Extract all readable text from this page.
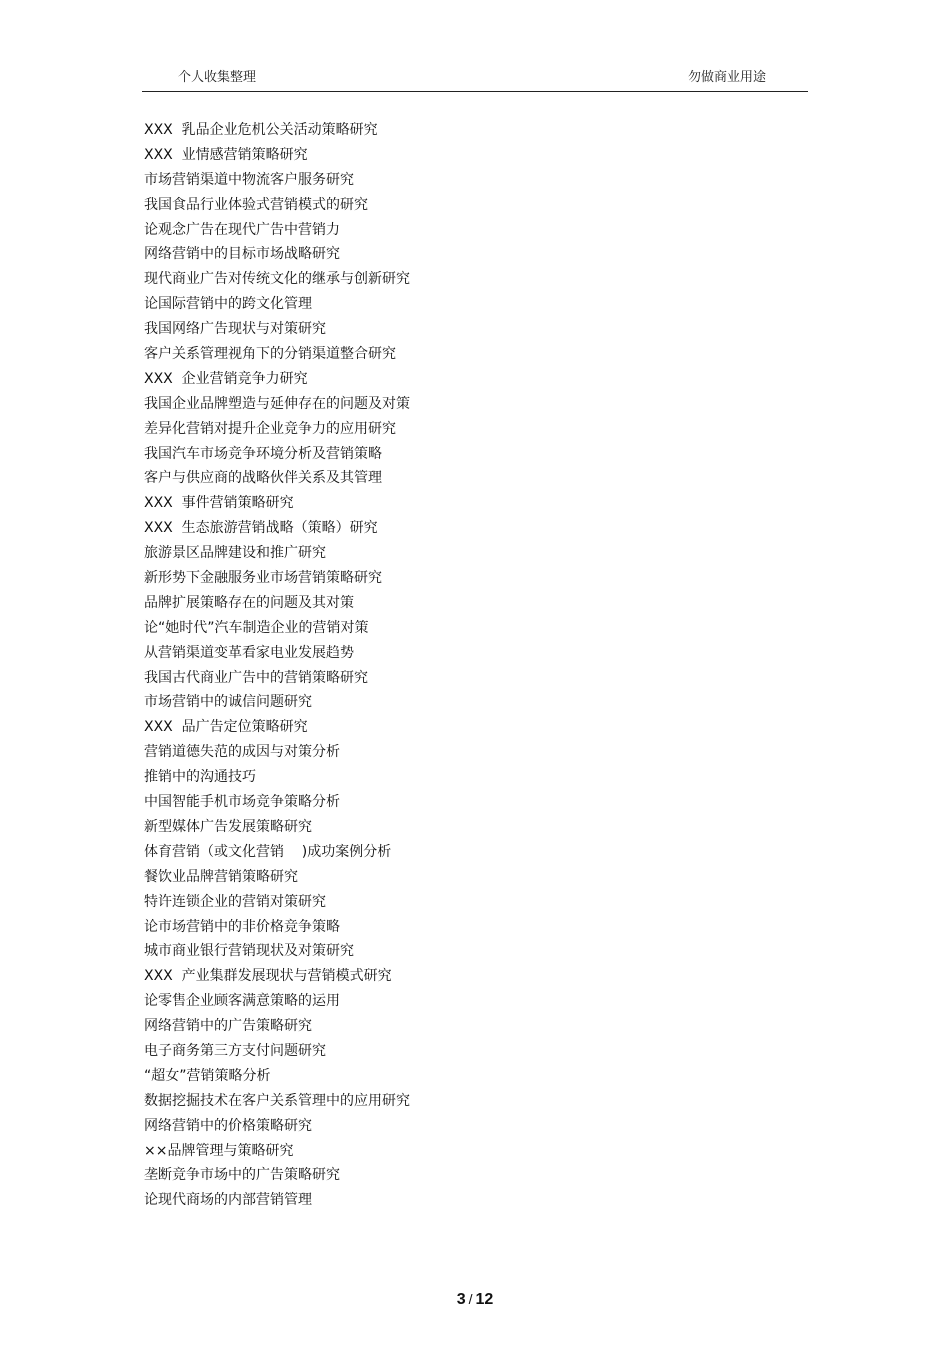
个人收集整理	勿做商业用途
XXX  乳品企业危机公关活动策略研究
XXX  业情感营销策略研究
市场营销渠道中物流客户服务研究
我国食品行业体验式营销模式的研究
论观念广告在现代广告中营销力
网络营销中的目标市场战略研究
现代商业广告对传统文化的继承与创新研究
论国际营销中的跨文化管理
我国网络广告现状与对策研究
客户关系管理视角下的分销渠道整合研究
XXX  企业营销竞争力研究
我国企业品牌塑造与延伸存在的问题及对策
差异化营销对提升企业竞争力的应用研究
我国汽车市场竞争环境分析及营销策略
客户与供应商的战略伙伴关系及其管理
XXX  事件营销策略研究
XXX  生态旅游营销战略（策略）研究
旅游景区品牌建设和推广研究
新形势下金融服务业市场营销策略研究
品牌扩展策略存在的问题及其对策
论“她时代”汽车制造企业的营销对策
从营销渠道变革看家电业发展趋势
我国古代商业广告中的营销策略研究
市场营销中的诚信问题研究
XXX  品广告定位策略研究
营销道德失范的成因与对策分析
推销中的沟通技巧
中国智能手机市场竞争策略分析
新型媒体广告发展策略研究
体育营销（或文化营销    )成功案例分析
餐饮业品牌营销策略研究
特许连锁企业的营销对策研究
论市场营销中的非价格竞争策略
城市商业银行营销现状及对策研究
XXX  产业集群发展现状与营销模式研究
论零售企业顾客满意策略的运用
网络营销中的广告策略研究
电子商务第三方支付问题研究
“超女”营销策略分析
数据挖掘技术在客户关系管理中的应用研究
网络营销中的价格策略研究
××品牌管理与策略研究
垄断竞争市场中的广告策略研究
论现代商场的内部营销管理
3 / 12
